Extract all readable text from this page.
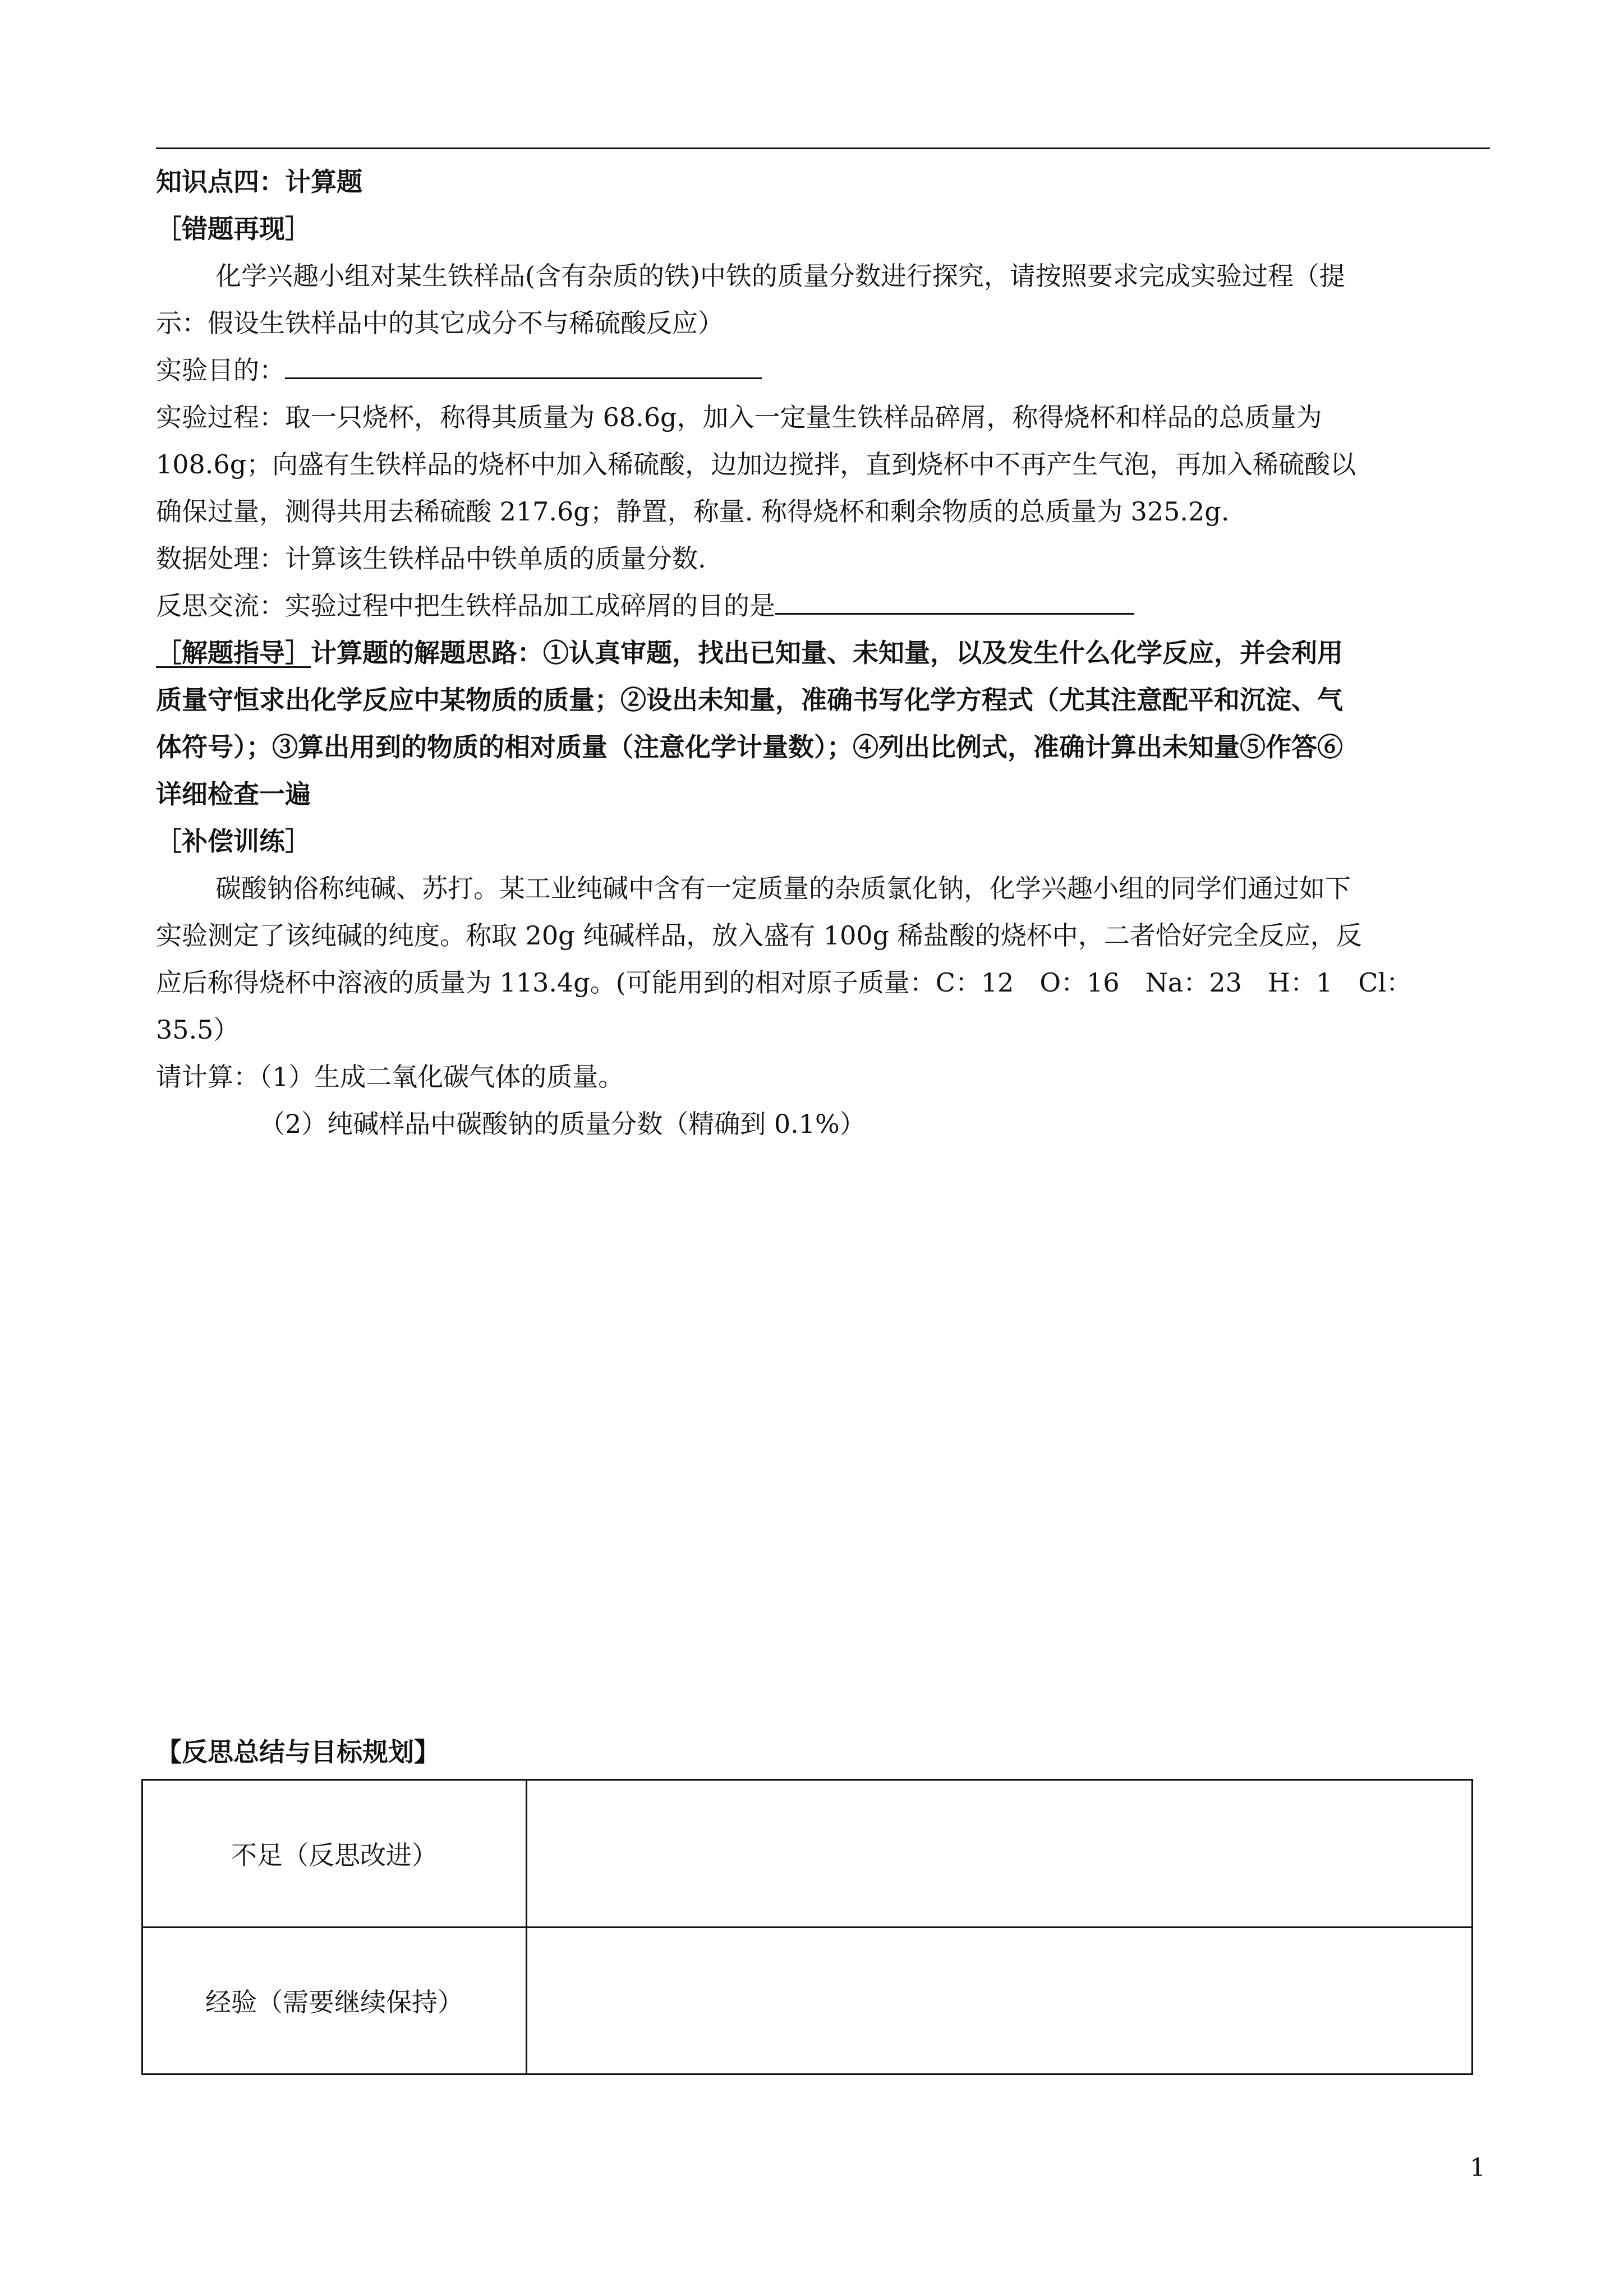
知识点四：计算题
［错题再现］
化学兴趣小组对某生铁样品(含有杂质的铁)中铁的质量分数进行探究，请按照要求完成实验过程（提
示：假设生铁样品中的其它成分不与稀硫酸反应）
实验目的：
实验过程：取一只烧杯，称得其质量为 68.6g，加入一定量生铁样品碎屑，称得烧杯和样品的总质量为
108.6g；向盛有生铁样品的烧杯中加入稀硫酸，边加边搅拌，直到烧杯中不再产生气泡，再加入稀硫酸以
确保过量，测得共用去稀硫酸 217.6g；静置，称量. 称得烧杯和剩余物质的总质量为 325.2g.
数据处理：计算该生铁样品中铁单质的质量分数.
反思交流：实验过程中把生铁样品加工成碎屑的目的是
［解题指导］计算题的解题思路：①认真审题，找出已知量、未知量，以及发生什么化学反应，并会利用
质量守恒求出化学反应中某物质的质量；②设出未知量，准确书写化学方程式（尤其注意配平和沉淀、气
体符号）；③算出用到的物质的相对质量（注意化学计量数）；④列出比例式，准确计算出未知量⑤作答⑥
详细检查一遍
［补偿训练］
碳酸钠俗称纯碱、苏打。某工业纯碱中含有一定质量的杂质氯化钠，化学兴趣小组的同学们通过如下
实验测定了该纯碱的纯度。称取 20g 纯碱样品，放入盛有 100g 稀盐酸的烧杯中，二者恰好完全反应，反
应后称得烧杯中溶液的质量为 113.4g。(可能用到的相对原子质量：C：12　O：16　Na：23　H：1　Cl：
35.5）
请计算：（1）生成二氧化碳气体的质量。
（2）纯碱样品中碳酸钠的质量分数（精确到 0.1%）
【反思总结与目标规划】
不足（反思改进）	
经验（需要继续保持）	
1
